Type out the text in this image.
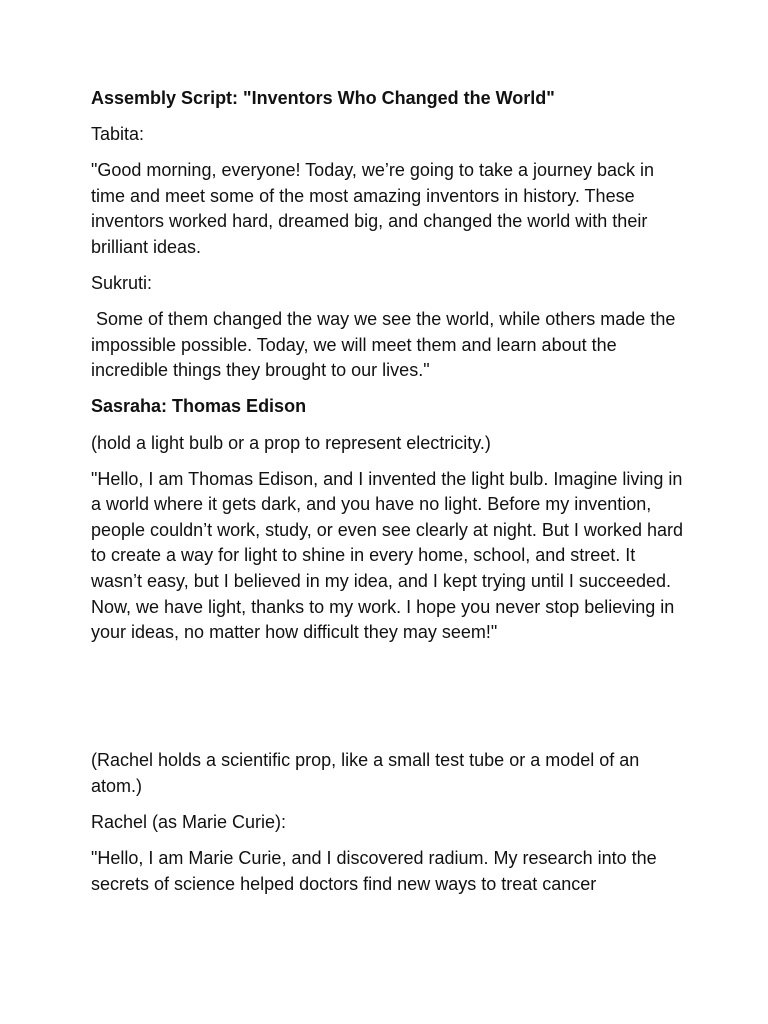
Assembly Script: "Inventors Who Changed the World"

Tabita:

"Good morning, everyone! Today, we’re going to take a journey back in time and meet some of the most amazing inventors in history. These inventors worked hard, dreamed big, and changed the world with their brilliant ideas.

Sukruti:

Some of them changed the way we see the world, while others made the impossible possible. Today, we will meet them and learn about the incredible things they brought to our lives."

Sasraha: Thomas Edison

(hold a light bulb or a prop to represent electricity.)

"Hello, I am Thomas Edison, and I invented the light bulb. Imagine living in a world where it gets dark, and you have no light. Before my invention, people couldn’t work, study, or even see clearly at night. But I worked hard to create a way for light to shine in every home, school, and street. It wasn’t easy, but I believed in my idea, and I kept trying until I succeeded. Now, we have light, thanks to my work. I hope you never stop believing in your ideas, no matter how difficult they may seem!"

(Rachel holds a scientific prop, like a small test tube or a model of an atom.)

Rachel (as Marie Curie):

"Hello, I am Marie Curie, and I discovered radium. My research into the secrets of science helped doctors find new ways to treat cancer
